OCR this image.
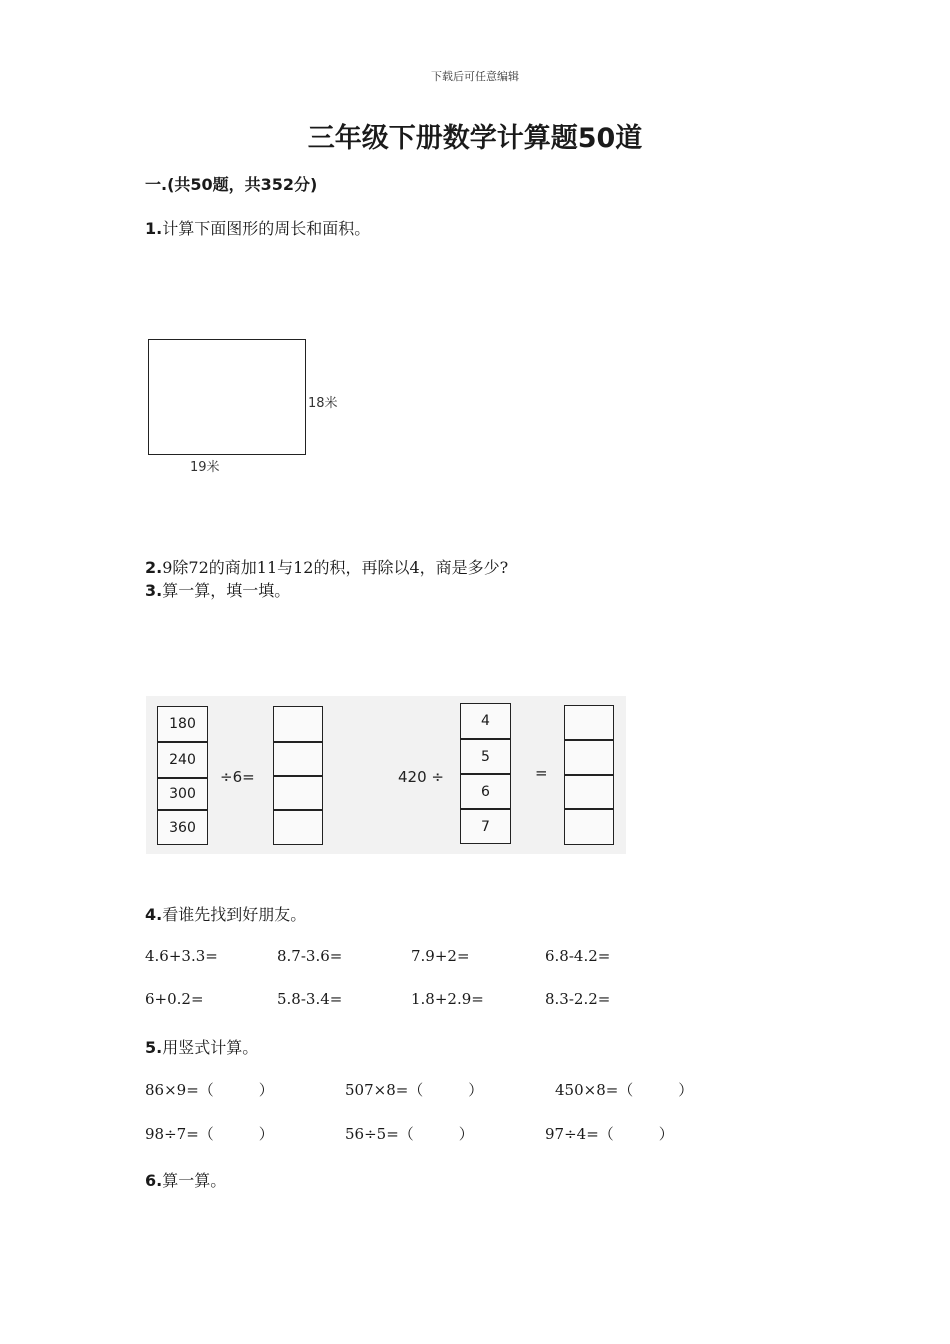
下载后可任意编辑
三年级下册数学计算题50道
一.(共50题，共352分)
1.计算下面图形的周长和面积。
18米
19米
2.9除72的商加11与12的积，再除以4，商是多少?
3.算一算，填一填。
180
240
300
360
÷6=	420 ÷
4
5
6
7
=
4.看谁先找到好朋友。
4.6+3.3=	8.7-3.6=	7.9+2=	6.8-4.2=
6+0.2=	5.8-3.4=	1.8+2.9=	8.3-2.2=
5.用竖式计算。
86×9=（　　　）	507×8=（　　　）	450×8=（　　　）
98÷7=（　　　）	56÷5=（　　　）	97÷4=（　　　）
6.算一算。
